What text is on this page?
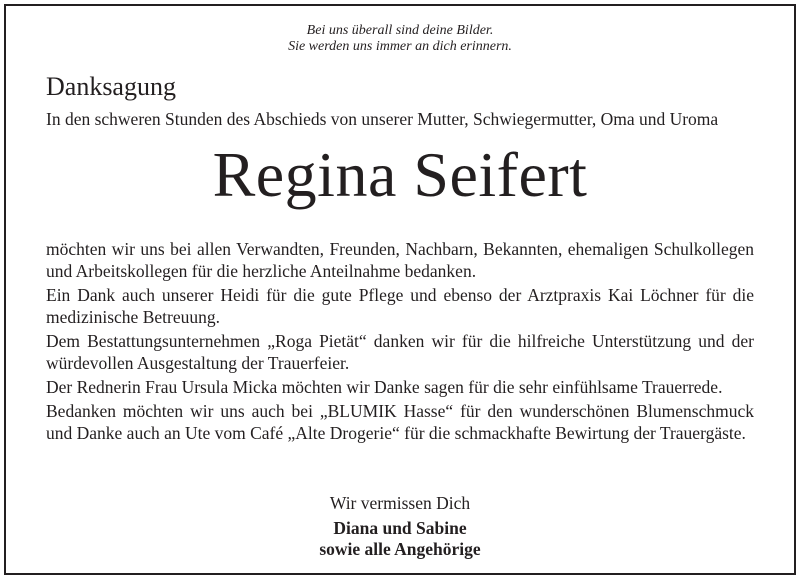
Bei uns überall sind deine Bilder.
Sie werden uns immer an dich erinnern.
Danksagung
In den schweren Stunden des Abschieds von unserer Mutter, Schwiegermutter, Oma und Uroma
Regina Seifert

möchten wir uns bei allen Verwandten, Freunden, Nachbarn, Bekannten, ehemaligen Schulkollegen und Arbeitskollegen für die herzliche Anteilnahme bedanken.

Ein Dank auch unserer Heidi für die gute Pflege und ebenso der Arztpraxis Kai Löchner für die medizinische Betreuung.

Dem Bestattungsunternehmen „Roga Pietät“ danken wir für die hilfreiche Unterstützung und der würdevollen Ausgestaltung der Trauerfeier.

Der Rednerin Frau Ursula Micka möchten wir Danke sagen für die sehr einfühlsame Trauerrede.

Bedanken möchten wir uns auch bei „BLUMIK Hasse“ für den wunderschönen Blumenschmuck und Danke auch an Ute vom Café „Alte Drogerie“ für die schmackhafte Bewirtung der Trauergäste.

Wir vermissen Dich
Diana und Sabine
sowie alle Angehörige
